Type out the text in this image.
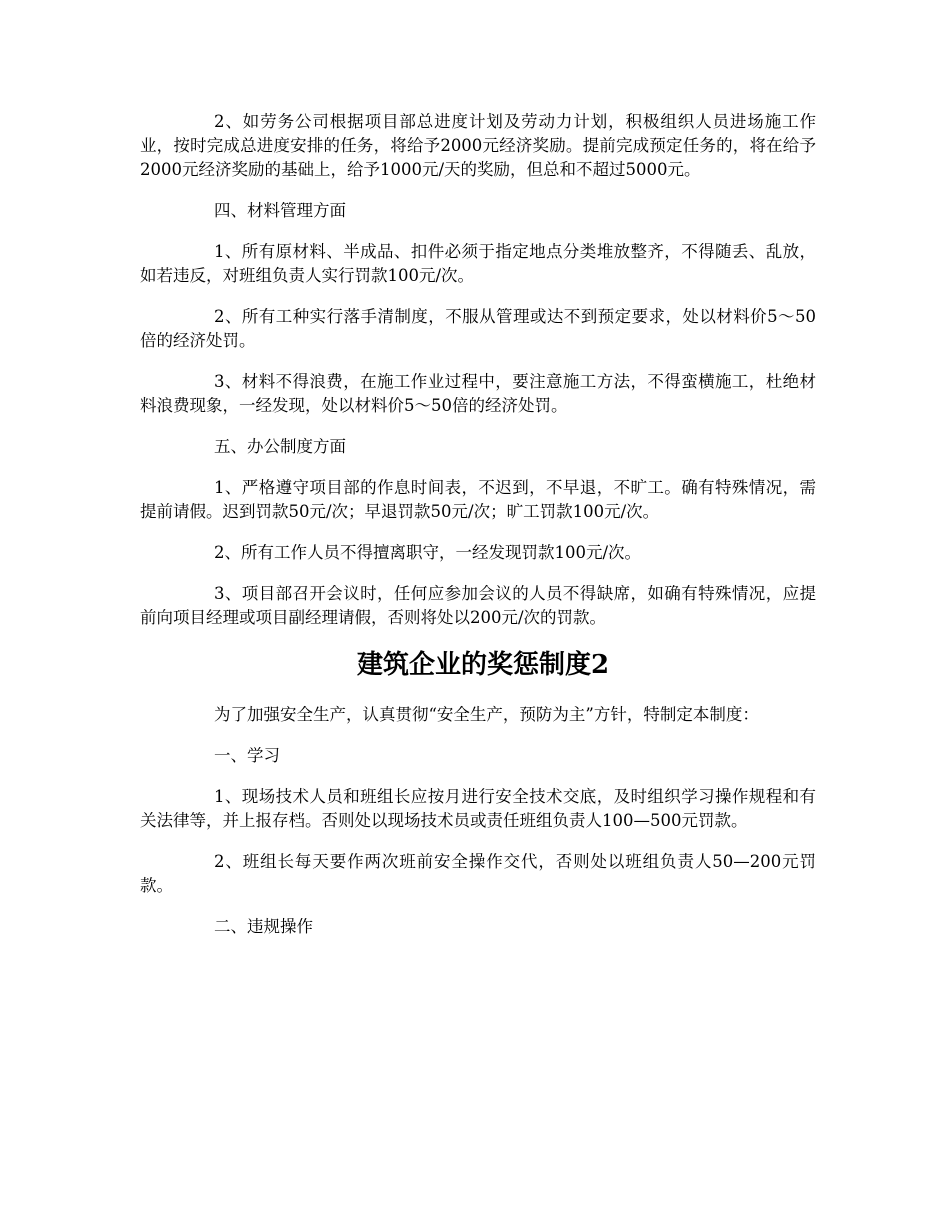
2、如劳务公司根据项目部总进度计划及劳动力计划，积极组织人员进场施工作业，按时完成总进度安排的任务，将给予2000元经济奖励。提前完成预定任务的，将在给予2000元经济奖励的基础上，给予1000元/天的奖励，但总和不超过5000元。

四、材料管理方面

1、所有原材料、半成品、扣件必须于指定地点分类堆放整齐，不得随丢、乱放，如若违反，对班组负责人实行罚款100元/次。

2、所有工种实行落手清制度，不服从管理或达不到预定要求，处以材料价5～50倍的经济处罚。

3、材料不得浪费，在施工作业过程中，要注意施工方法，不得蛮横施工，杜绝材料浪费现象，一经发现，处以材料价5～50倍的经济处罚。

五、办公制度方面

1、严格遵守项目部的作息时间表，不迟到，不早退，不旷工。确有特殊情况，需提前请假。迟到罚款50元/次；早退罚款50元/次；旷工罚款100元/次。

2、所有工作人员不得擅离职守，一经发现罚款100元/次。

3、项目部召开会议时，任何应参加会议的人员不得缺席，如确有特殊情况，应提前向项目经理或项目副经理请假，否则将处以200元/次的罚款。

建筑企业的奖惩制度2

为了加强安全生产，认真贯彻“安全生产，预防为主”方针，特制定本制度：

一、学习

1、现场技术人员和班组长应按月进行安全技术交底，及时组织学习操作规程和有关法律等，并上报存档。否则处以现场技术员或责任班组负责人100—500元罚款。

2、班组长每天要作两次班前安全操作交代，否则处以班组负责人50—200元罚款。

二、违规操作
